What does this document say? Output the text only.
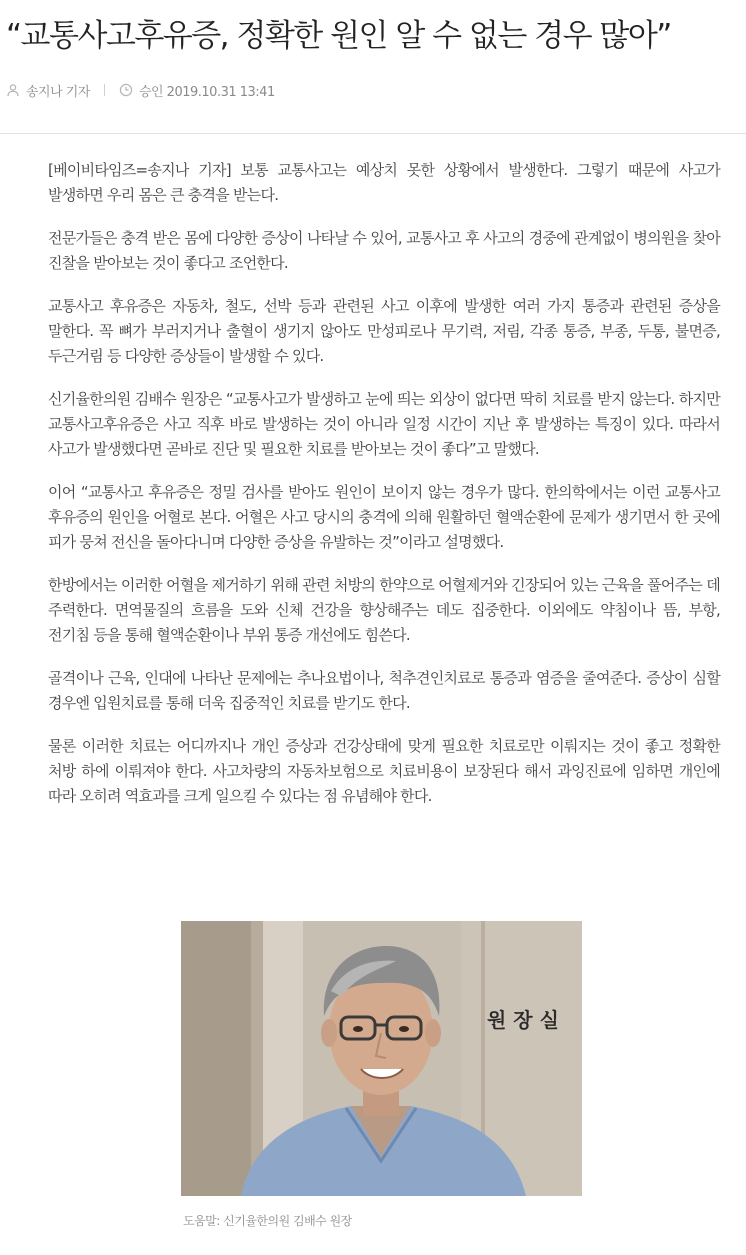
“교통사고후유증, 정확한 원인 알 수 없는 경우 많아”
송지나 기자	승인 2019.10.31 13:41

[베이비타임즈=송지나 기자] 보통 교통사고는 예상치 못한 상황에서 발생한다. 그렇기 때문에 사고가 발생하면 우리 몸은 큰 충격을 받는다.

전문가들은 충격 받은 몸에 다양한 증상이 나타날 수 있어, 교통사고 후 사고의 경중에 관계없이 병의원을 찾아 진찰을 받아보는 것이 좋다고 조언한다.

교통사고 후유증은 자동차, 철도, 선박 등과 관련된 사고 이후에 발생한 여러 가지 통증과 관련된 증상을 말한다. 꼭 뼈가 부러지거나 출혈이 생기지 않아도 만성피로나 무기력, 저림, 각종 통증, 부종, 두통, 불면증, 두근거림 등 다양한 증상들이 발생할 수 있다.

신기율한의원 김배수 원장은 “교통사고가 발생하고 눈에 띄는 외상이 없다면 딱히 치료를 받지 않는다. 하지만 교통사고후유증은 사고 직후 바로 발생하는 것이 아니라 일정 시간이 지난 후 발생하는 특징이 있다. 따라서 사고가 발생했다면 곧바로 진단 및 필요한 치료를 받아보는 것이 좋다”고 말했다.

이어 “교통사고 후유증은 정밀 검사를 받아도 원인이 보이지 않는 경우가 많다. 한의학에서는 이런 교통사고 후유증의 원인을 어혈로 본다. 어혈은 사고 당시의 충격에 의해 원활하던 혈액순환에 문제가 생기면서 한 곳에 피가 뭉쳐 전신을 돌아다니며 다양한 증상을 유발하는 것”이라고 설명했다.

한방에서는 이러한 어혈을 제거하기 위해 관련 처방의 한약으로 어혈제거와 긴장되어 있는 근육을 풀어주는 데 주력한다. 면역물질의 흐름을 도와 신체 건강을 향상해주는 데도 집중한다. 이외에도 약침이나 뜸, 부항, 전기침 등을 통해 혈액순환이나 부위 통증 개선에도 힘쓴다.

골격이나 근육, 인대에 나타난 문제에는 추나요법이나, 척추견인치료로 통증과 염증을 줄여준다. 증상이 심할 경우엔 입원치료를 통해 더욱 집중적인 치료를 받기도 한다.

물론 이러한 치료는 어디까지나 개인 증상과 건강상태에 맞게 필요한 치료로만 이뤄지는 것이 좋고 정확한 처방 하에 이뤄져야 한다. 사고차량의 자동차보험으로 치료비용이 보장된다 해서 과잉진료에 임하면 개인에 따라 오히려 역효과를 크게 일으킬 수 있다는 점 유념해야 한다.

원 장 실
도움말: 신기율한의원 김배수 원장
